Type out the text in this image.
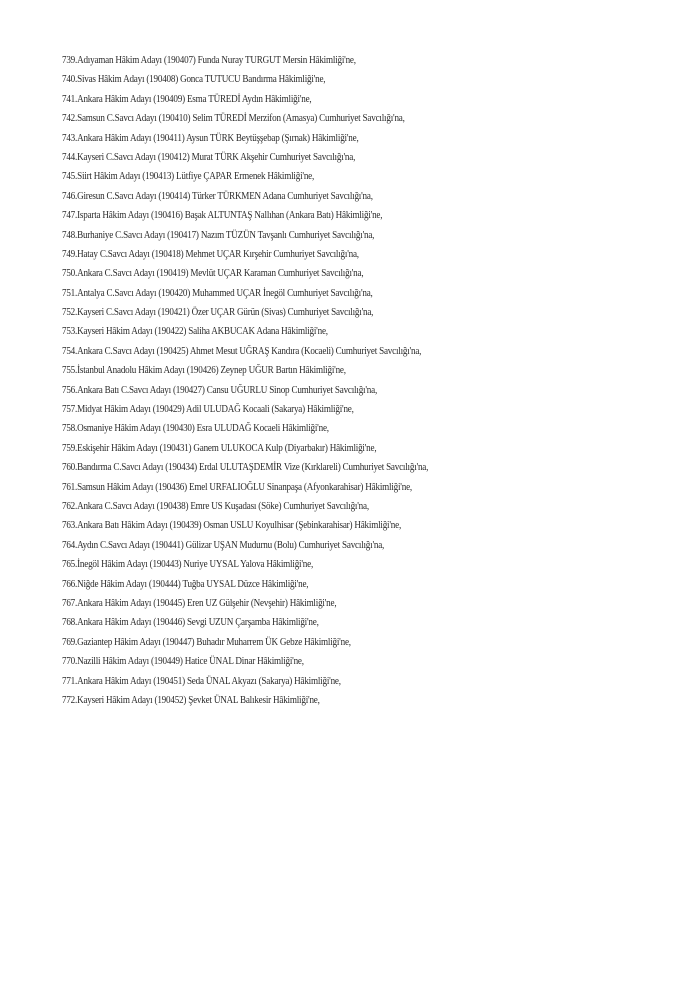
739.Adıyaman Hâkim Adayı (190407) Funda Nuray TURGUT Mersin Hâkimliği'ne,
740.Sivas Hâkim Adayı (190408) Gonca TUTUCU Bandırma Hâkimliği'ne,
741.Ankara Hâkim Adayı (190409) Esma TÜREDİ Aydın Hâkimliği'ne,
742.Samsun C.Savcı Adayı (190410) Selim TÜREDİ Merzifon (Amasya) Cumhuriyet Savcılığı'na,
743.Ankara Hâkim Adayı (190411) Aysun TÜRK Beytüşşebap (Şırnak) Hâkimliği'ne,
744.Kayseri C.Savcı Adayı (190412) Murat TÜRK Akşehir Cumhuriyet Savcılığı'na,
745.Siirt Hâkim Adayı (190413) Lütfiye ÇAPAR Ermenek Hâkimliği'ne,
746.Giresun C.Savcı Adayı (190414) Türker TÜRKMEN Adana Cumhuriyet Savcılığı'na,
747.Isparta Hâkim Adayı (190416) Başak ALTUNTAŞ Nallıhan (Ankara Batı) Hâkimliği'ne,
748.Burhaniye C.Savcı Adayı (190417) Nazım TÜZÜN Tavşanlı Cumhuriyet Savcılığı'na,
749.Hatay C.Savcı Adayı (190418) Mehmet UÇAR Kırşehir Cumhuriyet Savcılığı'na,
750.Ankara C.Savcı Adayı (190419) Mevlüt UÇAR Karaman Cumhuriyet Savcılığı'na,
751.Antalya C.Savcı Adayı (190420) Muhammed UÇAR İnegöl Cumhuriyet Savcılığı'na,
752.Kayseri C.Savcı Adayı (190421) Özer UÇAR Gürün (Sivas) Cumhuriyet Savcılığı'na,
753.Kayseri Hâkim Adayı (190422) Saliha AKBUCAK Adana Hâkimliği'ne,
754.Ankara C.Savcı Adayı (190425) Ahmet Mesut UĞRAŞ Kandıra (Kocaeli) Cumhuriyet Savcılığı'na,
755.İstanbul Anadolu Hâkim Adayı (190426) Zeynep UĞUR Bartın Hâkimliği'ne,
756.Ankara Batı C.Savcı Adayı (190427) Cansu UĞURLU Sinop Cumhuriyet Savcılığı'na,
757.Midyat Hâkim Adayı (190429) Adil ULUDAĞ Kocaali (Sakarya) Hâkimliği'ne,
758.Osmaniye Hâkim Adayı (190430) Esra ULUDAĞ Kocaeli Hâkimliği'ne,
759.Eskişehir Hâkim Adayı (190431) Ganem ULUKOCA Kulp (Diyarbakır) Hâkimliği'ne,
760.Bandırma C.Savcı Adayı (190434) Erdal ULUTAŞDEMİR Vize (Kırklareli) Cumhuriyet Savcılığı'na,
761.Samsun Hâkim Adayı (190436) Emel URFALIOĞLU Sinanpaşa (Afyonkarahisar) Hâkimliği'ne,
762.Ankara C.Savcı Adayı (190438) Emre US Kuşadası (Söke) Cumhuriyet Savcılığı'na,
763.Ankara Batı Hâkim Adayı (190439) Osman USLU Koyulhisar (Şebinkarahisar) Hâkimliği'ne,
764.Aydın C.Savcı Adayı (190441) Gülizar UŞAN Mudurnu (Bolu) Cumhuriyet Savcılığı'na,
765.İnegöl Hâkim Adayı (190443) Nuriye UYSAL Yalova Hâkimliği'ne,
766.Niğde Hâkim Adayı (190444) Tuğba UYSAL Düzce Hâkimliği'ne,
767.Ankara Hâkim Adayı (190445) Eren UZ Gülşehir (Nevşehir) Hâkimliği'ne,
768.Ankara Hâkim Adayı (190446) Sevgi UZUN Çarşamba Hâkimliği'ne,
769.Gaziantep Hâkim Adayı (190447) Buhadır Muharrem ÜK Gebze Hâkimliği'ne,
770.Nazilli Hâkim Adayı (190449) Hatice ÜNAL Dinar Hâkimliği'ne,
771.Ankara Hâkim Adayı (190451) Seda ÜNAL Akyazı (Sakarya) Hâkimliği'ne,
772.Kayseri Hâkim Adayı (190452) Şevket ÜNAL Balıkesir Hâkimliği'ne,
